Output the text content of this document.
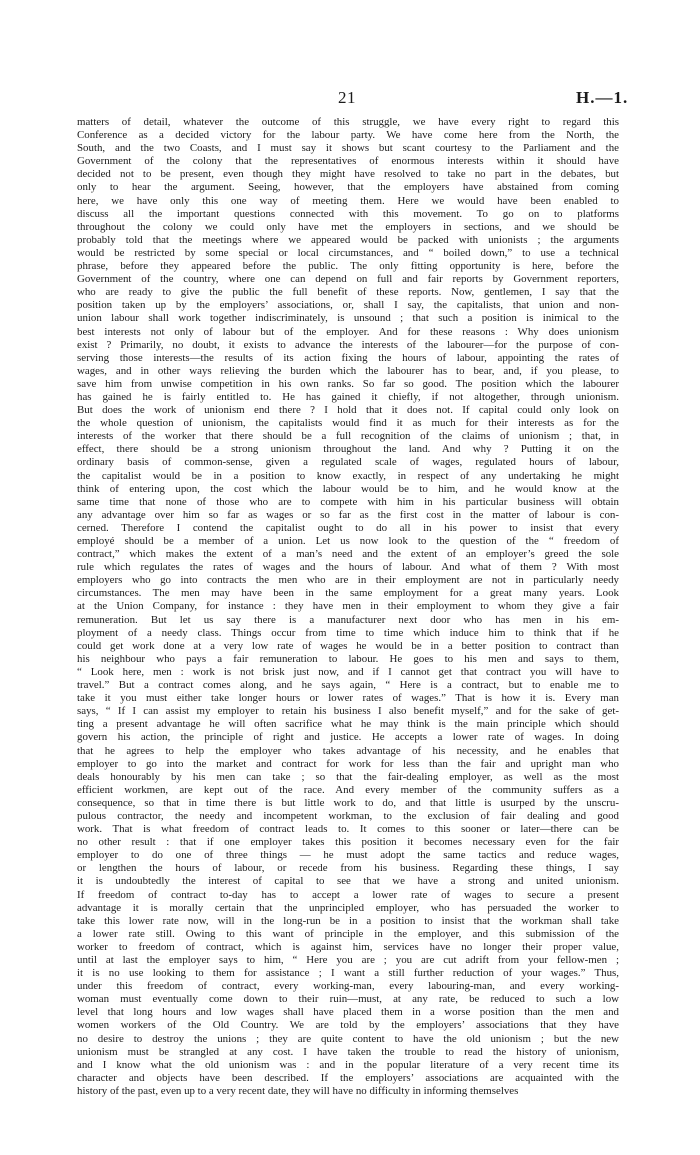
21	H.—1.
matters of detail, whatever the outcome of this struggle, we have every right to regard this
Conference as a decided victory for the labour party. We have come here from the North, the
South, and the two Coasts, and I must say it shows but scant courtesy to the Parliament and the
Government of the colony that the representatives of enormous interests within it should have
decided not to be present, even though they might have resolved to take no part in the debates, but
only to hear the argument. Seeing, however, that the employers have abstained from coming
here, we have only this one way of meeting them. Here we would have been enabled to
discuss all the important questions connected with this movement. To go on to platforms
throughout the colony we could only have met the employers in sections, and we should be
probably told that the meetings where we appeared would be packed with unionists ; the arguments
would be restricted by some special or local circumstances, and “ boiled down,” to use a technical
phrase, before they appeared before the public. The only fitting opportunity is here, before the
Government of the country, where one can depend on full and fair reports by Government reporters,
who are ready to give the public the full benefit of these reports. Now, gentlemen, I say that the
position taken up by the employers’ associations, or, shall I say, the capitalists, that union and non-
union labour shall work together indiscriminately, is unsound ; that such a position is inimical to the
best interests not only of labour but of the employer. And for these reasons : Why does unionism
exist ? Primarily, no doubt, it exists to advance the interests of the labourer—for the purpose of con-
serving those interests—the results of its action fixing the hours of labour, appointing the rates of
wages, and in other ways relieving the burden which the labourer has to bear, and, if you please, to
save him from unwise competition in his own ranks. So far so good. The position which the labourer
has gained he is fairly entitled to. He has gained it chiefly, if not altogether, through unionism.
But does the work of unionism end there ? I hold that it does not. If capital could only look on
the whole question of unionism, the capitalists would find it as much for their interests as for the
interests of the worker that there should be a full recognition of the claims of unionism ; that, in
effect, there should be a strong unionism throughout the land. And why ? Putting it on the
ordinary basis of common-sense, given a regulated scale of wages, regulated hours of labour,
the capitalist would be in a position to know exactly, in respect of any undertaking he might
think of entering upon, the cost which the labour would be to him, and he would know at the
same time that none of those who are to compete with him in his particular business will obtain
any advantage over him so far as wages or so far as the first cost in the matter of labour is con-
cerned. Therefore I contend the capitalist ought to do all in his power to insist that every
employé should be a member of a union. Let us now look to the question of the “ freedom of
contract,” which makes the extent of a man’s need and the extent of an employer’s greed the sole
rule which regulates the rates of wages and the hours of labour. And what of them ? With most
employers who go into contracts the men who are in their employment are not in particularly needy
circumstances. The men may have been in the same employment for a great many years. Look
at the Union Company, for instance : they have men in their employment to whom they give a fair
remuneration. But let us say there is a manufacturer next door who has men in his em-
ployment of a needy class. Things occur from time to time which induce him to think that if he
could get work done at a very low rate of wages he would be in a better position to contract than
his neighbour who pays a fair remuneration to labour. He goes to his men and says to them,
“ Look here, men : work is not brisk just now, and if I cannot get that contract you will have to
travel.” But a contract comes along, and he says again, “ Here is a contract, but to enable me to
take it you must either take longer hours or lower rates of wages.” That is how it is. Every man
says, “ If I can assist my employer to retain his business I also benefit myself,” and for the sake of get-
ting a present advantage he will often sacrifice what he may think is the main principle which should
govern his action, the principle of right and justice. He accepts a lower rate of wages. In doing
that he agrees to help the employer who takes advantage of his necessity, and he enables that
employer to go into the market and contract for work for less than the fair and upright man who
deals honourably by his men can take ; so that the fair-dealing employer, as well as the most
efficient workmen, are kept out of the race. And every member of the community suffers as a
consequence, so that in time there is but little work to do, and that little is usurped by the unscru-
pulous contractor, the needy and incompetent workman, to the exclusion of fair dealing and good
work. That is what freedom of contract leads to. It comes to this sooner or later—there can be
no other result : that if one employer takes this position it becomes necessary even for the fair
employer to do one of three things — he must adopt the same tactics and reduce wages,
or lengthen the hours of labour, or recede from his business. Regarding these things, I say
it is undoubtedly the interest of capital to see that we have a strong and united unionism.
If freedom of contract to-day has to accept a lower rate of wages to secure a present
advantage it is morally certain that the unprincipled employer, who has persuaded the worker to
take this lower rate now, will in the long-run be in a position to insist that the workman shall take
a lower rate still. Owing to this want of principle in the employer, and this submission of the
worker to freedom of contract, which is against him, services have no longer their proper value,
until at last the employer says to him, “ Here you are ; you are cut adrift from your fellow-men ;
it is no use looking to them for assistance ; I want a still further reduction of your wages.” Thus,
under this freedom of contract, every working-man, every labouring-man, and every working-
woman must eventually come down to their ruin—must, at any rate, be reduced to such a low
level that long hours and low wages shall have placed them in a worse position than the men and
women workers of the Old Country. We are told by the employers’ associations that they have
no desire to destroy the unions ; they are quite content to have the old unionism ; but the new
unionism must be strangled at any cost. I have taken the trouble to read the history of unionism,
and I know what the old unionism was : and in the popular literature of a very recent time its
character and objects have been described. If the employers’ associations are acquainted with the
history of the past, even up to a very recent date, they will have no difficulty in informing themselves
